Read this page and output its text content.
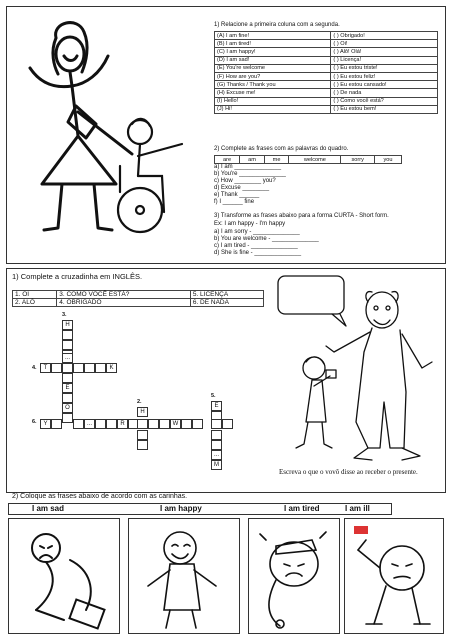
1) Relacione a primeira coluna com a segunda.
(A) I am fine!	( ) Obrigado!
(B) I am tired!	( ) Oi!
(C) I am happy!	( ) Alô! Olá!
(D) I am sad!	( ) Licença!
(E) You're welcome	( ) Eu estou triste!
(F) How are you?	( ) Eu estou feliz!
(G) Thanks / Thank you	( ) Eu estou cansado!
(H) Excuse me!	( ) De nada
(I) Hello!	( ) Como você está?
(J) Hi!	( ) Eu estou bem!
2) Complete as frases com as palavras do quadro.
are	am	me	welcome	sorry	you
a) I am ______________
b) You're ______________
c) How ________ you?
d) Excuse ________
e) Thank ______
f) I ______ fine
3) Transforme as frases abaixo para a forma CURTA - Short form.
Ex: I am happy - I'm happy
a) I am sorry - ______________
b) You are welcome - ______________
c) I am tired - ______________
d) She is fine - ______________
1) Complete a cruzadinha em INGLÊS.
1. OI	3. COMO VOCÊ ESTÁ?	5. LICENÇA
2. ALÔ	4. OBRIGADO	6. DE NADA
3.
4.
2.
5.
6.
H
...
E
O
T	K
H
E
...
M
Y	...	R	W
Escreva o que o vovô disse ao receber o presente.
2) Coloque as frases abaixo de acordo com as carinhas.
I am sad	I am happy	I am tired	I am ill
